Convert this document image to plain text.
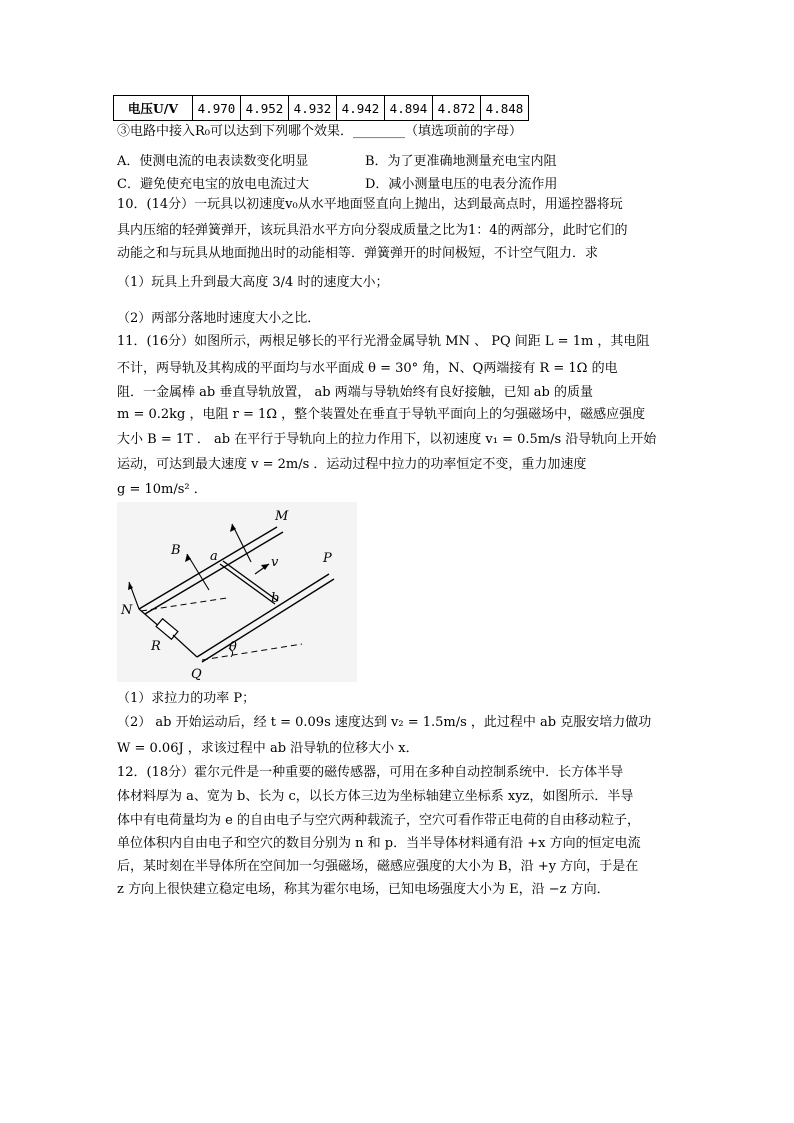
电压U/V	4.970	4.952	4.932	4.942	4.894	4.872	4.848
③电路中接入R₀可以达到下列哪个效果．________（填选项前的字母）
A．使测电流的电表读数变化明显	B．为了更准确地测量充电宝内阻
C．避免使充电宝的放电电流过大	D．减小测量电压的电表分流作用
10．(14分）一玩具以初速度v₀从水平地面竖直向上抛出，达到最高点时，用遥控器将玩
具内压缩的轻弹簧弹开，该玩具沿水平方向分裂成质量之比为1：4的两部分，此时它们的
动能之和与玩具从地面抛出时的动能相等．弹簧弹开的时间极短，不计空气阻力．求
（1）玩具上升到最大高度 3/4 时的速度大小；
（2）两部分落地时速度大小之比．
11．(16分）如图所示，两根足够长的平行光滑金属导轨 MN 、 PQ 间距 L = 1m ，其电阻
不计，两导轨及其构成的平面均与水平面成 θ = 30° 角，N、Q两端接有 R = 1Ω 的电
阻．一金属棒 ab 垂直导轨放置， ab 两端与导轨始终有良好接触，已知 ab 的质量
m = 0.2kg ，电阻 r = 1Ω ，整个装置处在垂直于导轨平面向上的匀强磁场中，磁感应强度
大小 B = 1T ． ab 在平行于导轨向上的拉力作用下，以初速度 v₁ = 0.5m/s 沿导轨向上开始
运动，可达到最大速度 v = 2m/s ．运动过程中拉力的功率恒定不变，重力加速度
g = 10m/s² ．
M
B a	v	P
N
b
R	θ
Q
（1）求拉力的功率 P；
（2） ab 开始运动后，经 t = 0.09s 速度达到 v₂ = 1.5m/s ，此过程中 ab 克服安培力做功
W = 0.06J ，求该过程中 ab 沿导轨的位移大小 x．
12．(18分）霍尔元件是一种重要的磁传感器，可用在多种自动控制系统中．长方体半导
体材料厚为 a、宽为 b、长为 c，以长方体三边为坐标轴建立坐标系 xyz，如图所示．半导
体中有电荷量均为 e 的自由电子与空穴两种载流子，空穴可看作带正电荷的自由移动粒子，
单位体积内自由电子和空穴的数目分别为 n 和 p．当半导体材料通有沿 +x 方向的恒定电流
后，某时刻在半导体所在空间加一匀强磁场，磁感应强度的大小为 B，沿 +y 方向，于是在
z 方向上很快建立稳定电场，称其为霍尔电场，已知电场强度大小为 E，沿 −z 方向．
